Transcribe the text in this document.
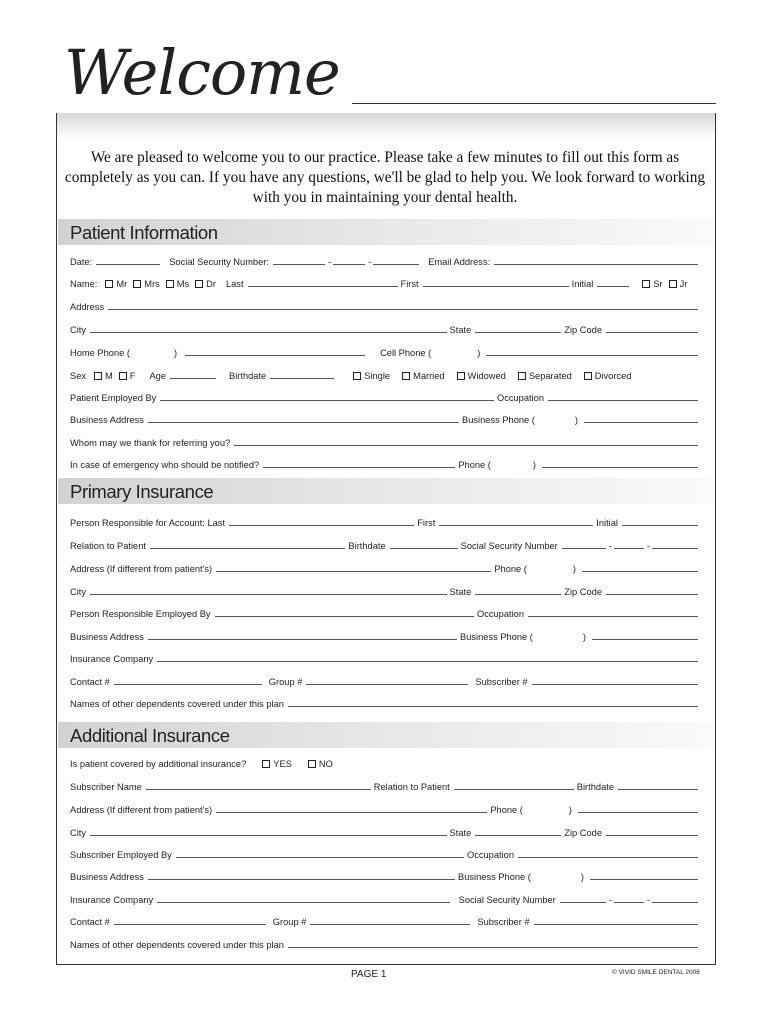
Welcome
We are pleased to welcome you to our practice. Please take a few minutes to fill out this form as completely as you can. If you have any questions, we'll be glad to help you. We look forward to working with you in maintaining your dental health.
Patient Information
Date:	Social Security Number:	-	-	Email Address:
Name: Mr Mrs Ms Dr Last	First	Initial	Sr Jr
Address
City	State	Zip Code
Home Phone (	)	Cell Phone (	)
Sex M F Age	Birthdate	Single Married Widowed Separated Divorced
Patient Employed By	Occupation
Business Address	Business Phone (	)
Whom may we thank for referring you?
In case of emergency who should be notified?	Phone (	)
Primary Insurance
Person Responsible for Account: Last	First	Initial
Relation to Patient	Birthdate	Social Security Number	-	-
Address (If different from patient's)	Phone (	)
City	State	Zip Code
Person Responsible Employed By	Occupation
Business Address	Business Phone (	)
Insurance Company
Contact #	Group #	Subscriber #
Names of other dependents covered under this plan
Additional Insurance
Is patient covered by additional insurance?	YES	NO
Subscriber Name	Relation to Patient	Birthdate
Address (If different from patient's)	Phone (	)
City	State	Zip Code
Subscriber Employed By	Occupation
Business Address	Business Phone (	)
Insurance Company	Social Security Number	-	-
Contact #	Group #	Subscriber #
Names of other dependents covered under this plan
PAGE 1	© VIVID SMILE DENTAL 2006
